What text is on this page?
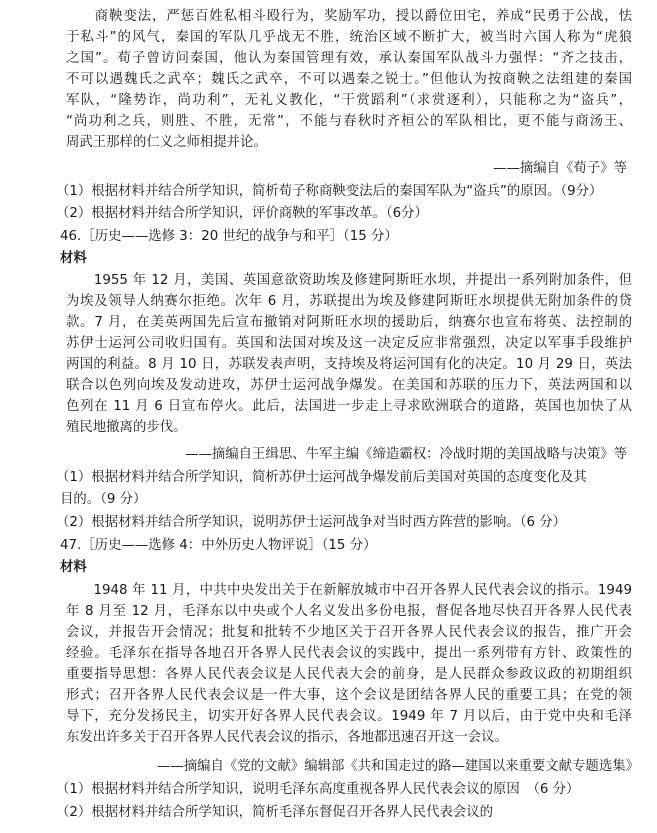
　　商鞅变法，严惩百姓私相斗殴行为，奖励军功，授以爵位田宅，养成“民勇于公战，怯
于私斗”的风气，秦国的军队几乎战无不胜，统治区域不断扩大，被当时六国人称为“虎狼
之国”。荀子曾访问秦国，他认为秦国管理有效，承认秦国军队战斗力强悍：“齐之技击，
不可以遇魏氏之武卒；魏氏之武卒，不可以遇秦之锐士。”但他认为按商鞅之法组建的秦国
军队，“隆势诈，尚功利”，无礼义教化，“干赏蹈利”（求赏逐利），只能称之为“盗兵”，
“尚功利之兵，则胜、不胜，无常”，不能与春秋时齐桓公的军队相比，更不能与商汤王、
周武王那样的仁义之师相提并论。

——摘编自《荀子》等

（1）根据材料并结合所学知识，简析荀子称商鞅变法后的秦国军队为“盗兵”的原因。（9分）

（2）根据材料并结合所学知识，评价商鞅的军事改革。（6分）

46.［历史——选修 3：20 世纪的战争与和平］（15 分）

材料

　　1955 年 12 月，美国、英国意欲资助埃及修建阿斯旺水坝，并提出一系列附加条件，但
为埃及领导人纳赛尔拒绝。次年 6 月，苏联提出为埃及修建阿斯旺水坝提供无附加条件的贷
款。7 月，在美英两国先后宣布撤销对阿斯旺水坝的援助后，纳赛尔也宣布将英、法控制的
苏伊士运河公司收归国有。英国和法国对埃及这一决定反应非常强烈，决定以军事手段维护
两国的利益。8 月 10 日，苏联发表声明，支持埃及将运河国有化的决定。10 月 29 日，英法
联合以色列向埃及发动进攻，苏伊士运河战争爆发。在美国和苏联的压力下，英法两国和以
色列在 11 月 6 日宣布停火。此后，法国进一步走上寻求欧洲联合的道路，英国也加快了从
殖民地撤离的步伐。

——摘编自王缉思、牛军主编《缔造霸权：冷战时期的美国战略与决策》等

（1）根据材料并结合所学知识，简析苏伊士运河战争爆发前后美国对英国的态度变化及其

目的。（9 分）

（2）根据材料并结合所学知识，说明苏伊士运河战争对当时西方阵营的影响。（6 分）

47.［历史——选修 4：中外历史人物评说］（15 分）

材料

　　1948 年 11 月，中共中央发出关于在新解放城市中召开各界人民代表会议的指示。1949
年 8 月至 12 月，毛泽东以中央或个人名义发出多份电报，督促各地尽快召开各界人民代表
会议，并报告开会情况；批复和批转不少地区关于召开各界人民代表会议的报告，推广开会
经验。毛泽东在指导各地召开各界人民代表会议的实践中，提出一系列带有方针、政策性的
重要指导思想：各界人民代表会议是人民代表大会的前身，是人民群众参政议政的初期组织
形式；召开各界人民代表会议是一件大事，这个会议是团结各界人民的重要工具；在党的领
导下，充分发扬民主，切实开好各界人民代表会议。1949 年 7 月以后，由于党中央和毛泽
东发出许多关于召开各界人民代表会议的指示，各地都迅速召开这一会议。

——摘编自《党的文献》编辑部《共和国走过的路—建国以来重要文献专题选集》

（1）根据材料并结合所学知识，说明毛泽东高度重视各界人民代表会议的原因　（6 分）

（2）根据材料并结合所学知识，简析毛泽东督促召开各界人民代表会议的
